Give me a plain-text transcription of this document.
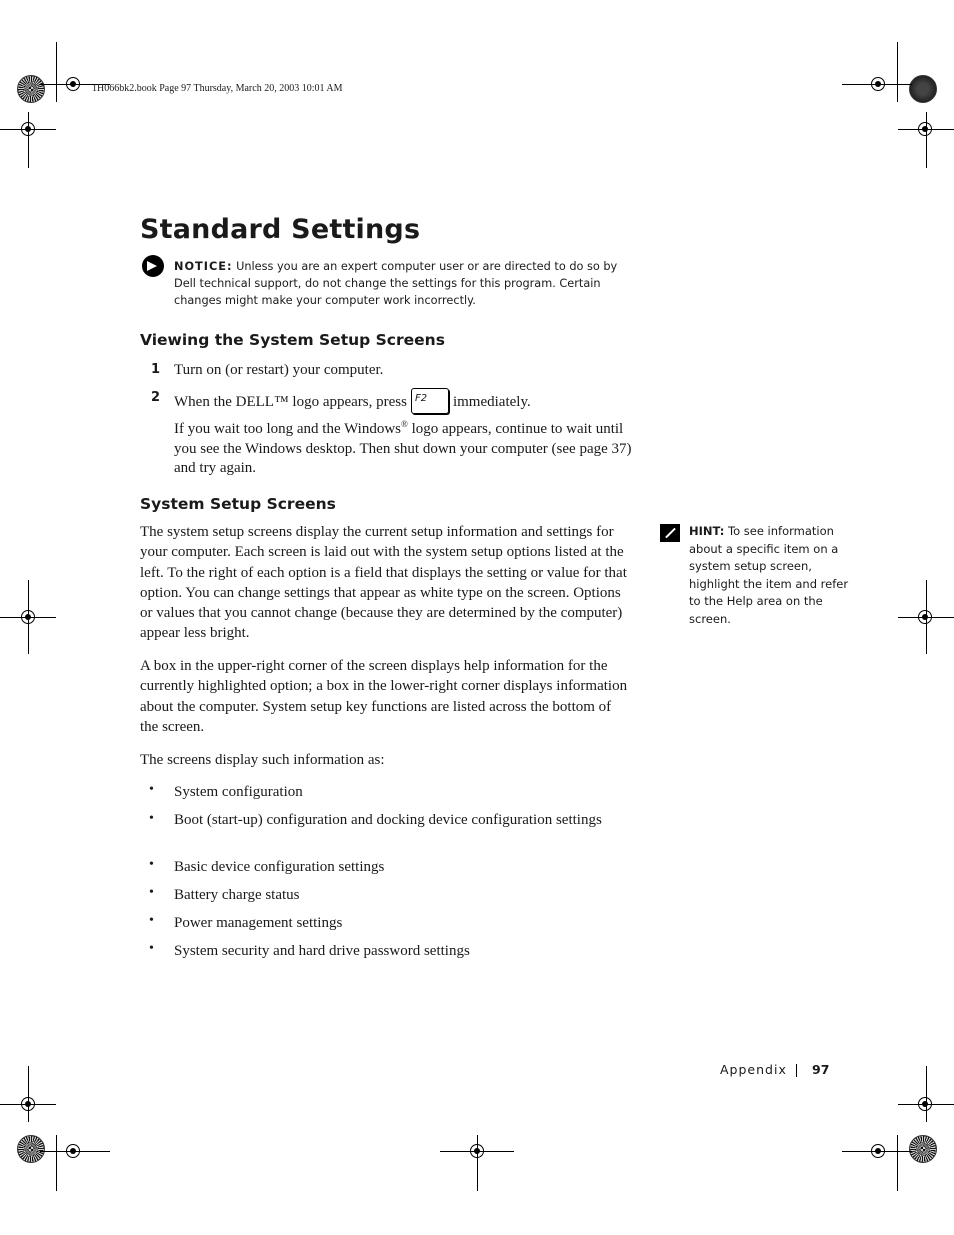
1H066bk2.book Page 97 Thursday, March 20, 2003 10:01 AM
Standard Settings
NOTICE: Unless you are an expert computer user or are directed to do so by Dell technical support, do not change the settings for this program. Certain changes might make your computer work incorrectly.
Viewing the System Setup Screens
1 Turn on (or restart) your computer.
2 When the DELL™ logo appears, press F2 immediately.
If you wait too long and the Windows® logo appears, continue to wait until you see the Windows desktop. Then shut down your computer (see page 37) and try again.
System Setup Screens
The system setup screens display the current setup information and settings for your computer. Each screen is laid out with the system setup options listed at the left. To the right of each option is a field that displays the setting or value for that option. You can change settings that appear as white type on the screen. Options or values that you cannot change (because they are determined by the computer) appear less bright.
A box in the upper-right corner of the screen displays help information for the currently highlighted option; a box in the lower-right corner displays information about the computer. System setup key functions are listed across the bottom of the screen.
The screens display such information as:
• System configuration
• Boot (start-up) configuration and docking device configuration settings
• Basic device configuration settings
• Battery charge status
• Power management settings
• System security and hard drive password settings
HINT: To see information about a specific item on a system setup screen, highlight the item and refer to the Help area on the screen.
Appendix 97
